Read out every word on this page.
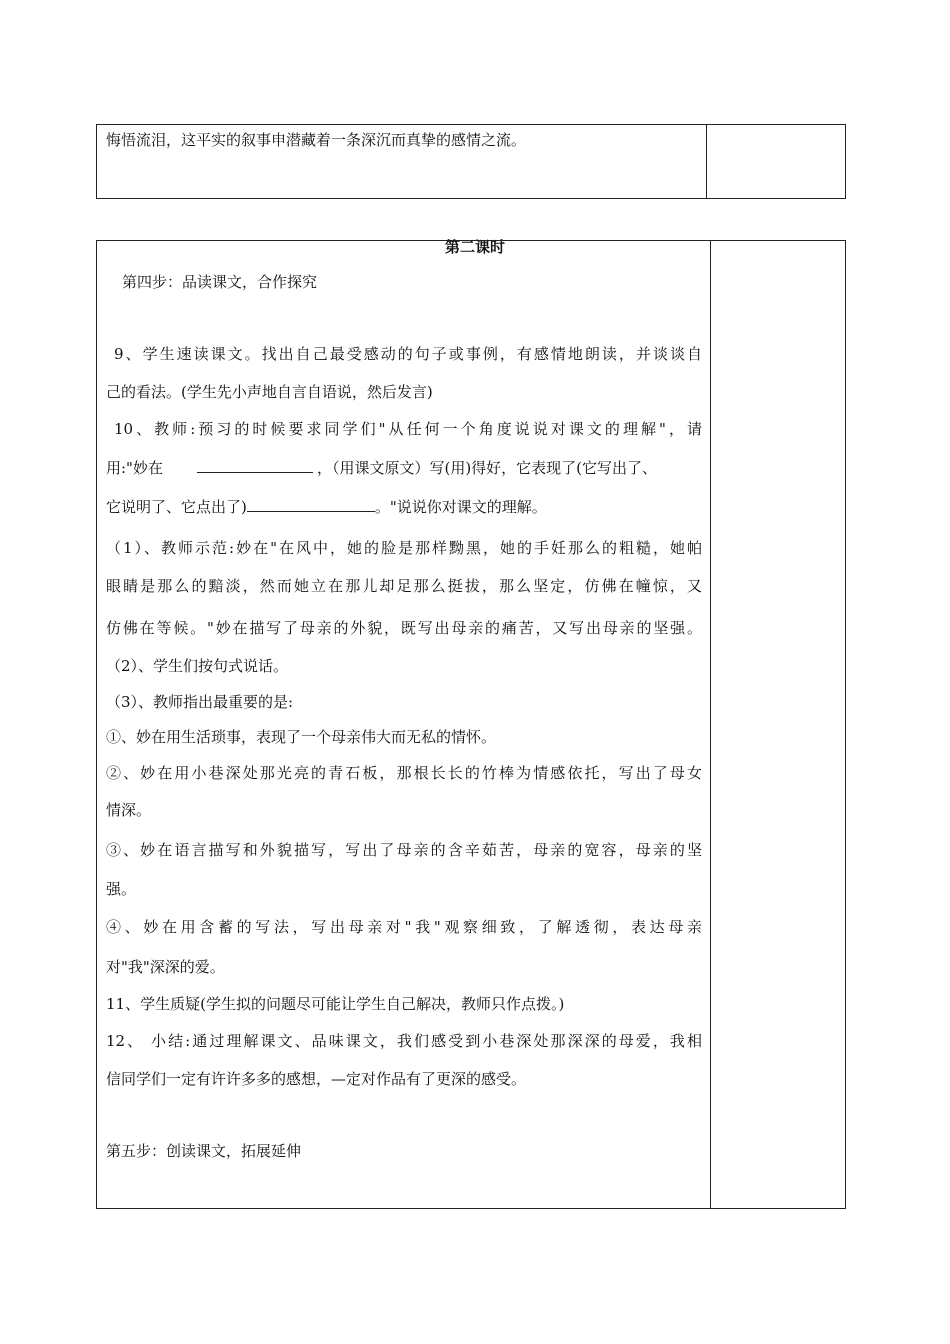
悔悟流泪，这平实的叙事申潜藏着一条深沉而真挚的感情之流。
第二课时
第四步：品读课文，合作探究
9、学生速读课文。找出自己最受感动的句子或事例，有感情地朗读，并谈谈自
己的看法。(学生先小声地自言自语说，然后发言)
10、教师:预习的时候要求同学们"从任何一个角度说说对课文的理解"，请
用:"妙在	，（用课文原文）写(用)得好，它表现了(它写出了、
它说明了、它点出了)	。"说说你对课文的理解。
（1）、教师示范:妙在"在风中，她的脸是那样黝黑，她的手妊那么的粗糙，她帕
眼睛是那么的黯淡，然而她立在那儿却足那么挺拔，那么坚定，仿佛在幢惊，又
仿佛在等候。"妙在描写了母亲的外貌，既写出母亲的痛苦，又写出母亲的坚强。
（2）、学生们按句式说话。
（3）、教师指出最重要的是:
①、妙在用生活琐事，表现了一个母亲伟大而无私的情怀。
②、妙在用小巷深处那光亮的青石板，那根长长的竹棒为情感依托，写出了母女
情深。
③、妙在语言描写和外貌描写，写出了母亲的含辛茹苦，母亲的宽容，母亲的坚
强。
④、妙在用含蓄的写法，写出母亲对"我"观察细致，了解透彻，表达母亲
对"我"深深的爱。
11、学生质疑(学生拟的问题尽可能让学生自己解决，教师只作点拨。)
12、 小结:通过理解课文、品味课文，我们感受到小巷深处那深深的母爱，我相
信同学们一定有许许多多的感想，—定对作品有了更深的感受。
第五步：创读课文，拓展延伸
